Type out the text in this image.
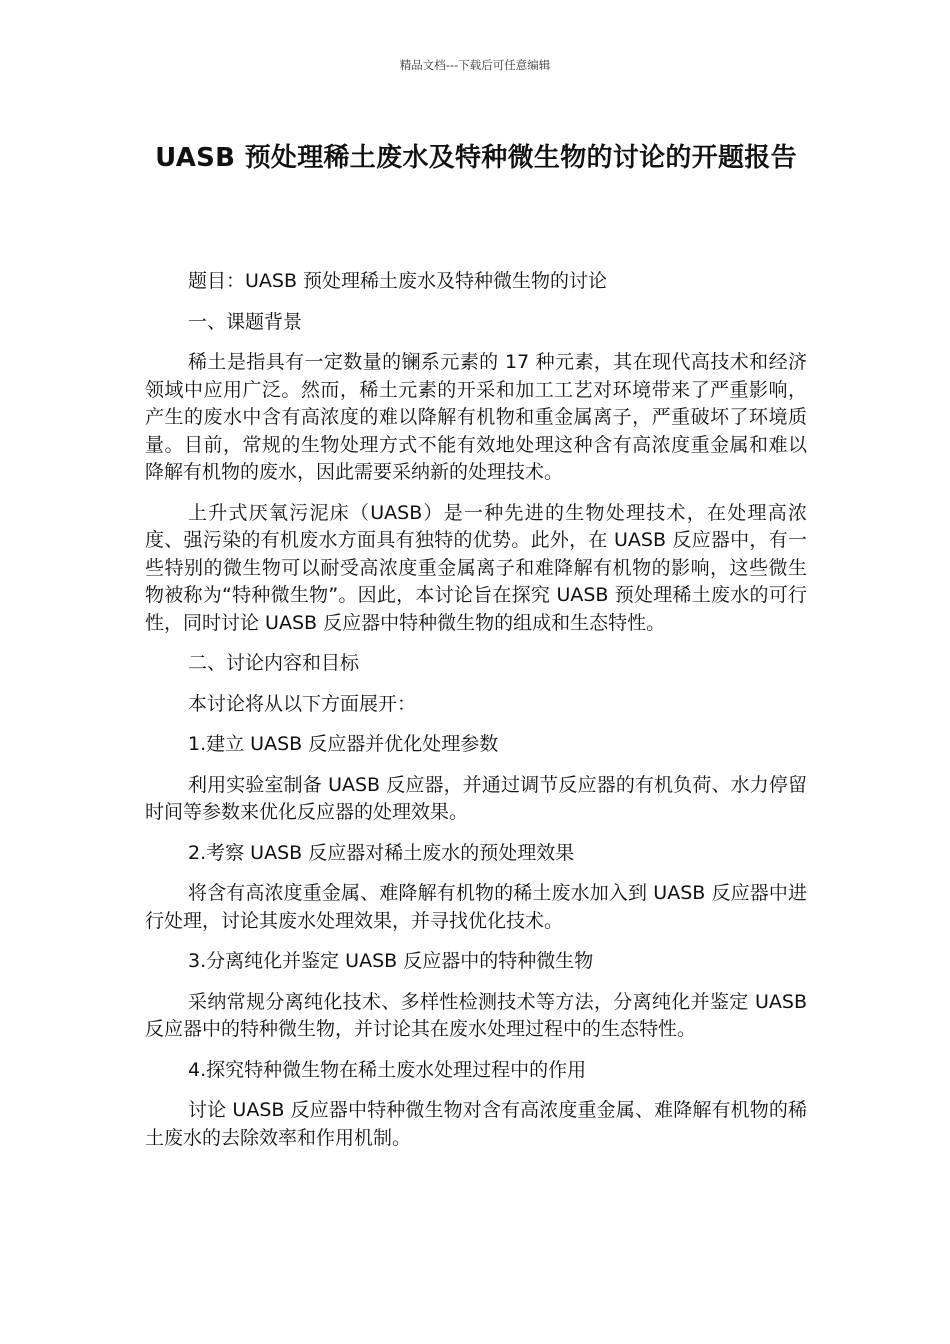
精品文档---下载后可任意编辑
UASB 预处理稀土废水及特种微生物的讨论的开题报告

题目：UASB 预处理稀土废水及特种微生物的讨论

一、课题背景

稀土是指具有一定数量的镧系元素的 17 种元素，其在现代高技术和经济领域中应用广泛。然而，稀土元素的开采和加工工艺对环境带来了严重影响，产生的废水中含有高浓度的难以降解有机物和重金属离子，严重破坏了环境质量。目前，常规的生物处理方式不能有效地处理这种含有高浓度重金属和难以降解有机物的废水，因此需要采纳新的处理技术。

上升式厌氧污泥床（UASB）是一种先进的生物处理技术，在处理高浓度、强污染的有机废水方面具有独特的优势。此外，在 UASB 反应器中，有一些特别的微生物可以耐受高浓度重金属离子和难降解有机物的影响，这些微生物被称为“特种微生物”。因此，本讨论旨在探究 UASB 预处理稀土废水的可行性，同时讨论 UASB 反应器中特种微生物的组成和生态特性。

二、讨论内容和目标

本讨论将从以下方面展开：

1.建立 UASB 反应器并优化处理参数

利用实验室制备 UASB 反应器，并通过调节反应器的有机负荷、水力停留时间等参数来优化反应器的处理效果。

2.考察 UASB 反应器对稀土废水的预处理效果

将含有高浓度重金属、难降解有机物的稀土废水加入到 UASB 反应器中进行处理，讨论其废水处理效果，并寻找优化技术。

3.分离纯化并鉴定 UASB 反应器中的特种微生物

采纳常规分离纯化技术、多样性检测技术等方法，分离纯化并鉴定 UASB 反应器中的特种微生物，并讨论其在废水处理过程中的生态特性。

4.探究特种微生物在稀土废水处理过程中的作用

讨论 UASB 反应器中特种微生物对含有高浓度重金属、难降解有机物的稀土废水的去除效率和作用机制。
